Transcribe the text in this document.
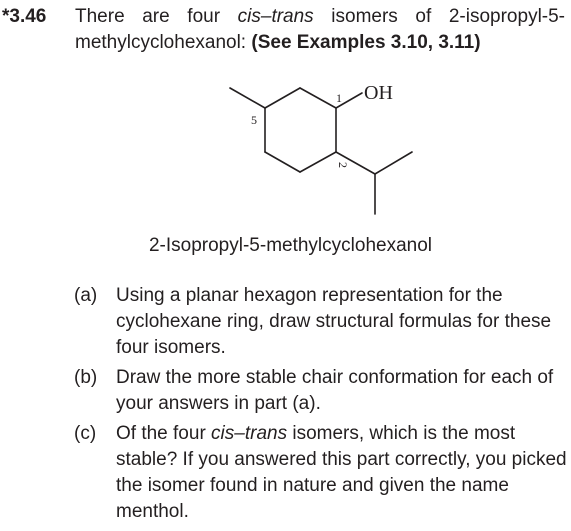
*3.46 There are four cis–trans isomers of 2-isopropyl-5-methylcyclohexanol: (See Examples 3.10, 3.11)
OH
1
2
5
2-Isopropyl-5-methylcyclohexanol
(a) Using a planar hexagon representation for the cyclohexane ring, draw structural formulas for these four isomers.
(b) Draw the more stable chair conformation for each of your answers in part (a).
(c)	Of the four cis–trans isomers, which is the most stable? If you answered this part correctly, you picked the isomer found in nature and given the name menthol.
